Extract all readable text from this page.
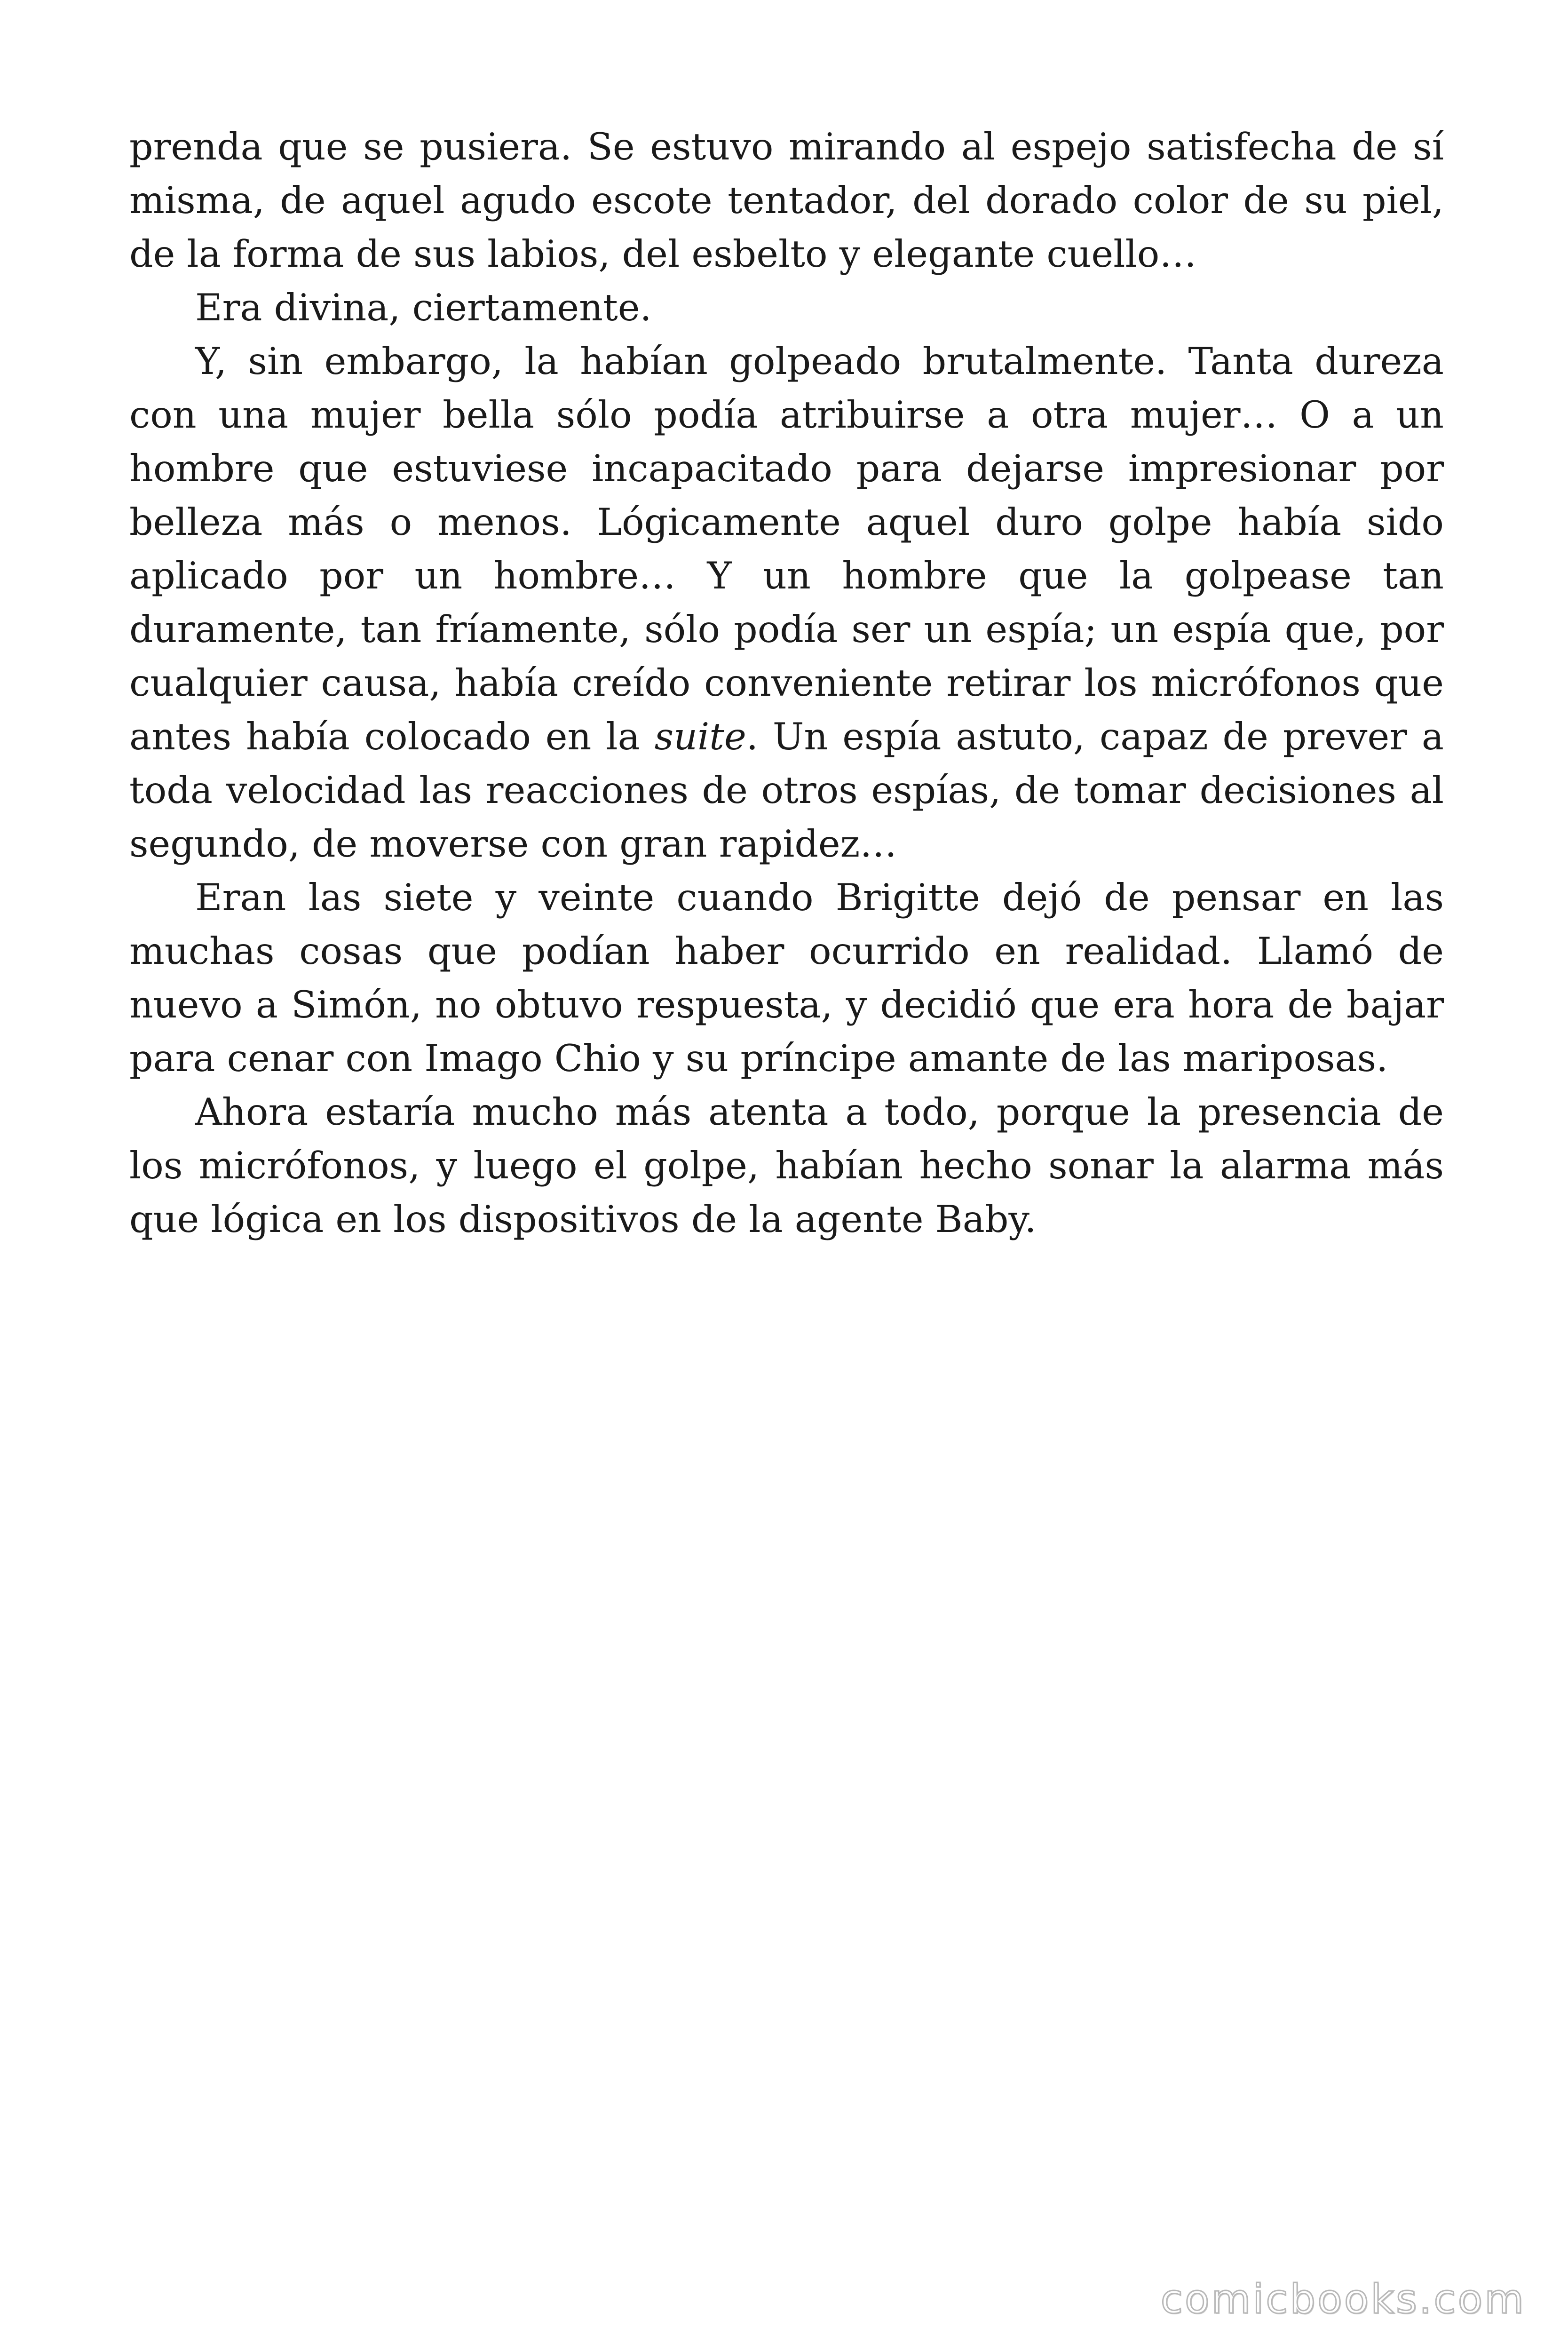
prenda que se pusiera. Se estuvo mirando al espejo satisfecha de sí misma, de aquel agudo escote tentador, del dorado color de su piel, de la forma de sus labios, del esbelto y elegante cuello…

Era divina, ciertamente.

Y, sin embargo, la habían golpeado brutalmente. Tanta dureza con una mujer bella sólo podía atribuirse a otra mujer… O a un hombre que estuviese incapacitado para dejarse impresionar por belleza más o menos. Lógicamente aquel duro golpe había sido aplicado por un hombre… Y un hombre que la golpease tan duramente, tan fríamente, sólo podía ser un espía; un espía que, por cualquier causa, había creído conveniente retirar los micrófonos que antes había colocado en la suite. Un espía astuto, capaz de prever a toda velocidad las reacciones de otros espías, de tomar decisiones al segundo, de moverse con gran rapidez…

Eran las siete y veinte cuando Brigitte dejó de pensar en las muchas cosas que podían haber ocurrido en realidad. Llamó de nuevo a Simón, no obtuvo respuesta, y decidió que era hora de bajar para cenar con Imago Chio y su príncipe amante de las mariposas.

Ahora estaría mucho más atenta a todo, porque la presencia de los micrófonos, y luego el golpe, habían hecho sonar la alarma más que lógica en los dispositivos de la agente Baby.

comicbooks.com
